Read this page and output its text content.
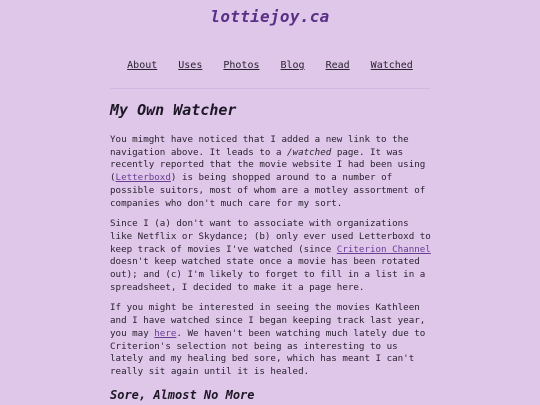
lottiejoy.ca
About Uses Photos Blog Read Watched
My Own Watcher

You mimght have noticed that I added a new link to the navigation above. It leads to a /watched page. It was recently reported that the movie website I had been using (Letterboxd) is being shopped around to a number of possible suitors, most of whom are a motley assortment of companies who don't much care for my sort.

Since I (a) don't want to associate with organizations like Netflix or Skydance; (b) only ever used Letterboxd to keep track of movies I've watched (since Criterion Channel doesn't keep watched state once a movie has been rotated out); and (c) I'm likely to forget to fill in a list in a spreadsheet, I decided to make it a page here.

If you might be interested in seeing the movies Kathleen and I have watched since I began keeping track last year, you may here. We haven't been watching much lately due to Criterion's selection not being as interesting to us lately and my healing bed sore, which has meant I can't really sit again until it is healed.

Sore, Almost No More
